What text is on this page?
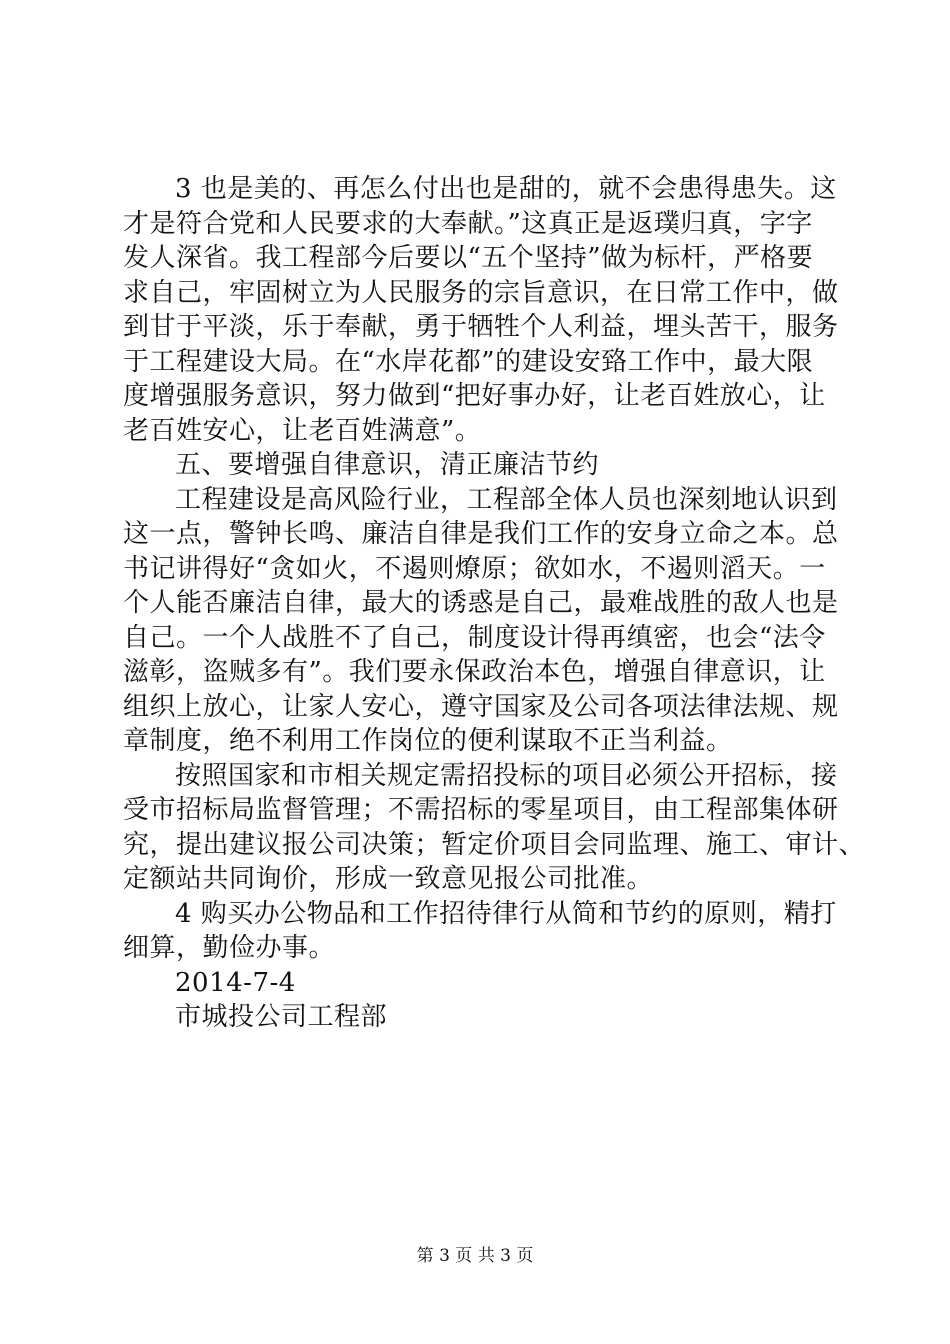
3 也是美的、再怎么付出也是甜的，就不会患得患失。这
才是符合党和人民要求的大奉献。”这真正是返璞归真，字字
发人深省。我工程部今后要以“五个坚持”做为标杆，严格要
求自己，牢固树立为人民服务的宗旨意识，在日常工作中，做
到甘于平淡，乐于奉献，勇于牺牲个人利益，埋头苦干，服务
于工程建设大局。在“水岸花都”的建设安臵工作中，最大限
度增强服务意识，努力做到“把好事办好，让老百姓放心，让
老百姓安心，让老百姓满意”。
五、要增强自律意识，清正廉洁节约
工程建设是高风险行业，工程部全体人员也深刻地认识到
这一点，警钟长鸣、廉洁自律是我们工作的安身立命之本。总
书记讲得好“贪如火，不遏则燎原；欲如水，不遏则滔天。一
个人能否廉洁自律，最大的诱惑是自己，最难战胜的敌人也是
自己。一个人战胜不了自己，制度设计得再缜密，也会“法令
滋彰，盗贼多有”。我们要永保政治本色，增强自律意识，让
组织上放心，让家人安心，遵守国家及公司各项法律法规、规
章制度，绝不利用工作岗位的便利谋取不正当利益。
按照国家和市相关规定需招投标的项目必须公开招标，接
受市招标局监督管理；不需招标的零星项目，由工程部集体研
究，提出建议报公司决策；暂定价项目会同监理、施工、审计、
定额站共同询价，形成一致意见报公司批准。
4 购买办公物品和工作招待律行从简和节约的原则，精打
细算，勤俭办事。
2014-7-4
市城投公司工程部
第 3 页 共 3 页
